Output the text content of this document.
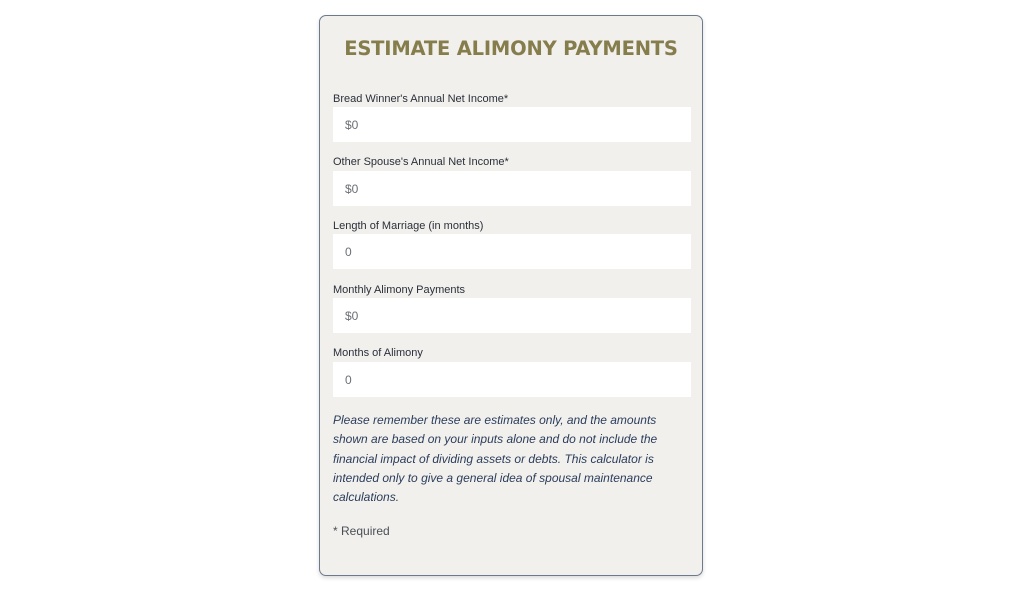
ESTIMATE ALIMONY PAYMENTS
Bread Winner's Annual Net Income*
$0
Other Spouse's Annual Net Income*
$0
Length of Marriage (in months)
0
Monthly Alimony Payments
$0
Months of Alimony
0

Please remember these are estimates only, and the amounts shown are based on your inputs alone and do not include the financial impact of dividing assets or debts. This calculator is intended only to give a general idea of spousal maintenance calculations.

* Required
